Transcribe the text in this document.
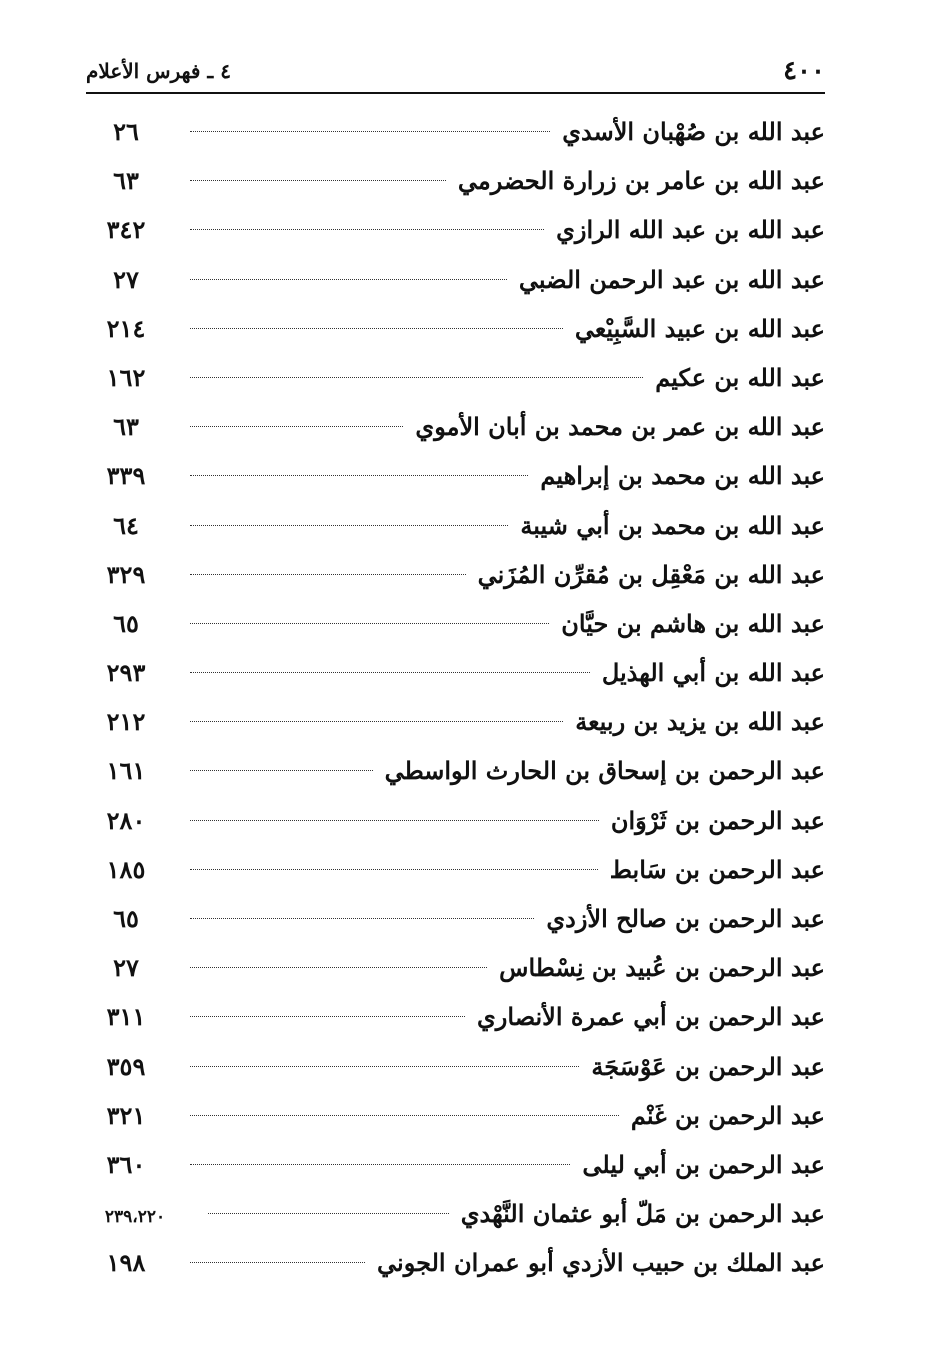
٤٠٠
٤ ـ فهرس الأعلام
عبد الله بن صُهْبان الأسدي
٢٦
عبد الله بن عامر بن زرارة الحضرمي
٦٣
عبد الله بن عبد الله الرازي
٣٤٢
عبد الله بن عبد الرحمن الضبي
٢٧
عبد الله بن عبيد السَّبِيْعي
٢١٤
عبد الله بن عكيم
١٦٢
عبد الله بن عمر بن محمد بن أبان الأموي
٦٣
عبد الله بن محمد بن إبراهيم
٣٣٩
عبد الله بن محمد بن أبي شيبة
٦٤
عبد الله بن مَعْقِل بن مُقرِّن المُزَني
٣٢٩
عبد الله بن هاشم بن حيَّان
٦٥
عبد الله بن أبي الهذيل
٢٩٣
عبد الله بن يزيد بن ربيعة
٢١٢
عبد الرحمن بن إسحاق بن الحارث الواسطي
١٦١
عبد الرحمن بن ثَرْوَان
٢٨٠
عبد الرحمن بن سَابط
١٨٥
عبد الرحمن بن صالح الأزدي
٦٥
عبد الرحمن بن عُبيد بن نِسْطاس
٢٧
عبد الرحمن بن أبي عمرة الأنصاري
٣١١
عبد الرحمن بن عَوْسَجَة
٣٥٩
عبد الرحمن بن غَنْم
٣٢١
عبد الرحمن بن أبي ليلى
٣٦٠
عبد الرحمن بن مَلّ أبو عثمان النَّهْدي
٢٣٩،٢٢٠
عبد الملك بن حبيب الأزدي أبو عمران الجوني
١٩٨
